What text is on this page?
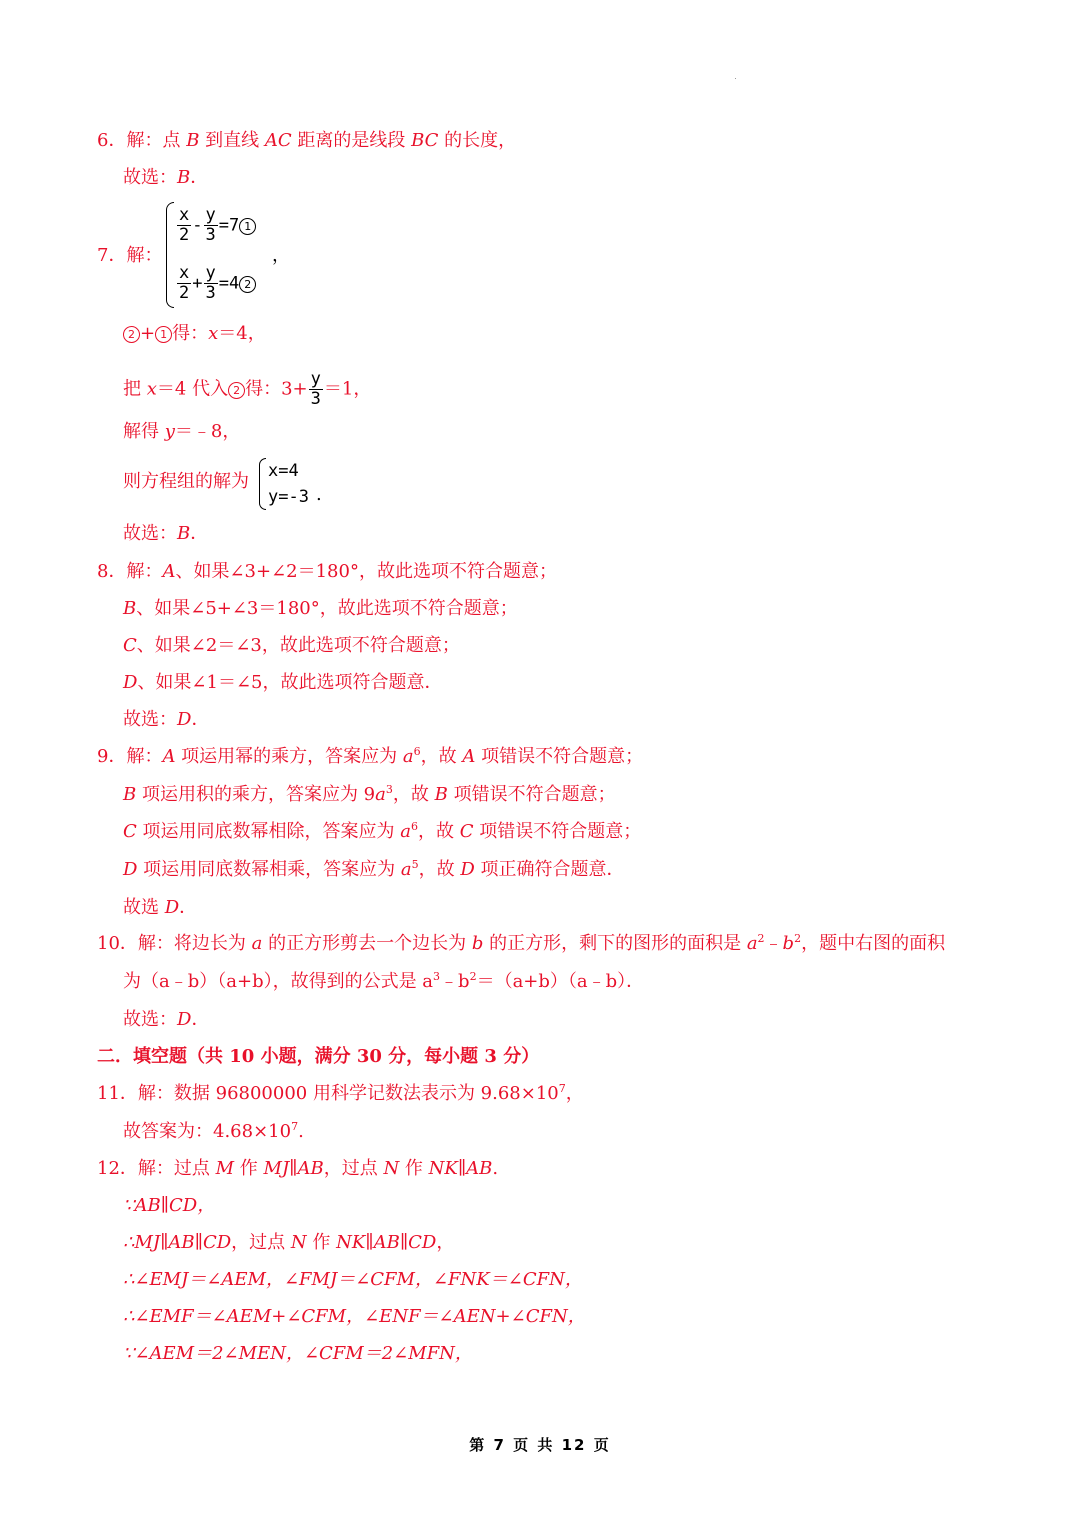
6．解：点 B 到直线 AC 距离的是线段 BC 的长度，
故选：B．
7．解：
$\frac{x}{2} - \frac{y}{3} =7$ 1
$\frac{x}{2} + \frac{y}{3} =4$ 2
，
2 + 1 得：x＝4，
把 x＝4 代入 2 得：$3+ \frac{y}{3} =1$，
解得 y＝﹣8，
则方程组的解为 x=4
y=-3 .
故选：B．
8．解：A、如果∠3+∠2＝180°，故此选项不符合题意；
B、如果∠5+∠3＝180°，故此选项不符合题意；
C、如果∠2＝∠3，故此选项不符合题意；
D、如果∠1＝∠5，故此选项符合题意．
故选：D．
9．解：A 项运用幂的乘方，答案应为 $a^6$，故 A 项错误不符合题意；
B 项运用积的乘方，答案应为 $9a^3$，故 B 项错误不符合题意；
C 项运用同底数幂相除，答案应为 $a^6$，故 C 项错误不符合题意；
D 项运用同底数幂相乘，答案应为 $a^5$，故 D 项正确符合题意．
故选 D．
10．解：将边长为 a 的正方形剪去一个边长为 b 的正方形，剩下的图形的面积是 $a^2﹣b^2$，题中右图的面积
为（a﹣b）（a+b），故得到的公式是 $a^3﹣b^2=(a+b)(a﹣b)$．
故选：D．
二．填空题（共 10 小题，满分 30 分，每小题 3 分）
11．解：数据 96800000 用科学记数法表示为 $9.68\times 10^7$，
故答案为：$4.68\times 10^7$.
12．解：过点 M 作 MJ∥AB，过点 N 作 NK∥AB.
∵AB∥CD，
∴MJ∥AB∥CD，过点 N 作 NK∥AB∥CD，
∴∠EMJ＝∠AEM，∠FMJ＝∠CFM，∠FNK＝∠CFN，
∴∠EMF＝∠AEM+∠CFM，∠ENF＝∠AEN+∠CFN，
∵∠AEM＝2∠MEN，∠CFM＝2∠MFN，
第 7 页 共 12 页
